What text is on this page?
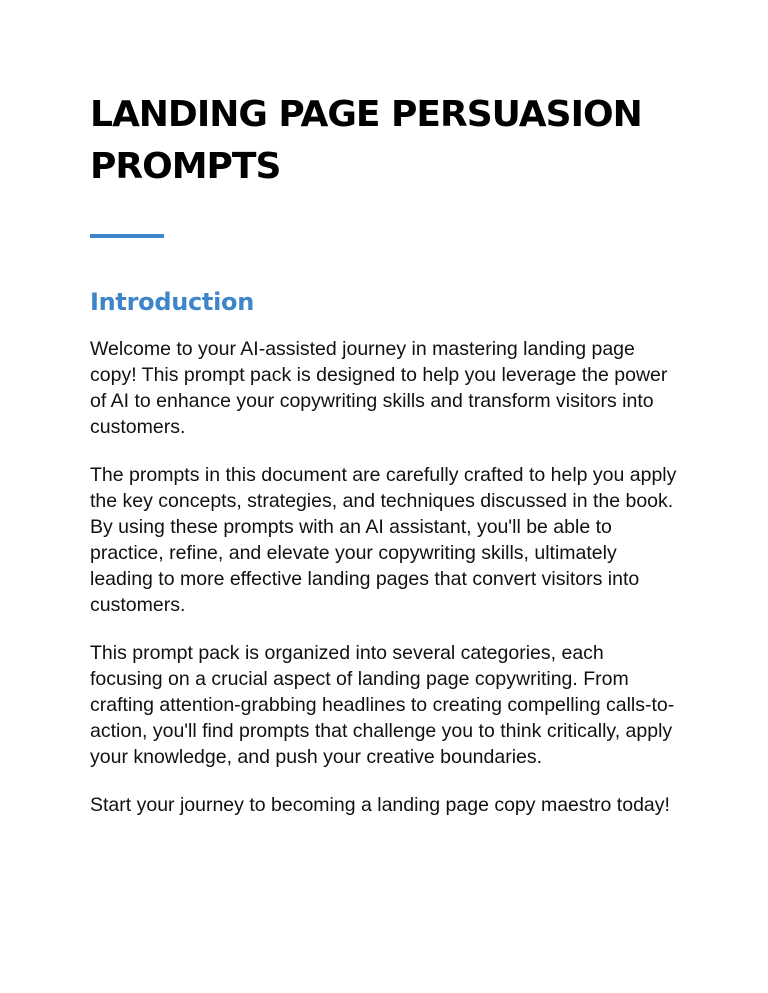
LANDING PAGE PERSUASION PROMPTS
Introduction

Welcome to your AI-assisted journey in mastering landing page copy! This prompt pack is designed to help you leverage the power of AI to enhance your copywriting skills and transform visitors into customers.

The prompts in this document are carefully crafted to help you apply the key concepts, strategies, and techniques discussed in the book. By using these prompts with an AI assistant, you'll be able to practice, refine, and elevate your copywriting skills, ultimately leading to more effective landing pages that convert visitors into customers.

This prompt pack is organized into several categories, each focusing on a crucial aspect of landing page copywriting. From crafting attention-grabbing headlines to creating compelling calls-to-action, you'll find prompts that challenge you to think critically, apply your knowledge, and push your creative boundaries.

Start your journey to becoming a landing page copy maestro today!
